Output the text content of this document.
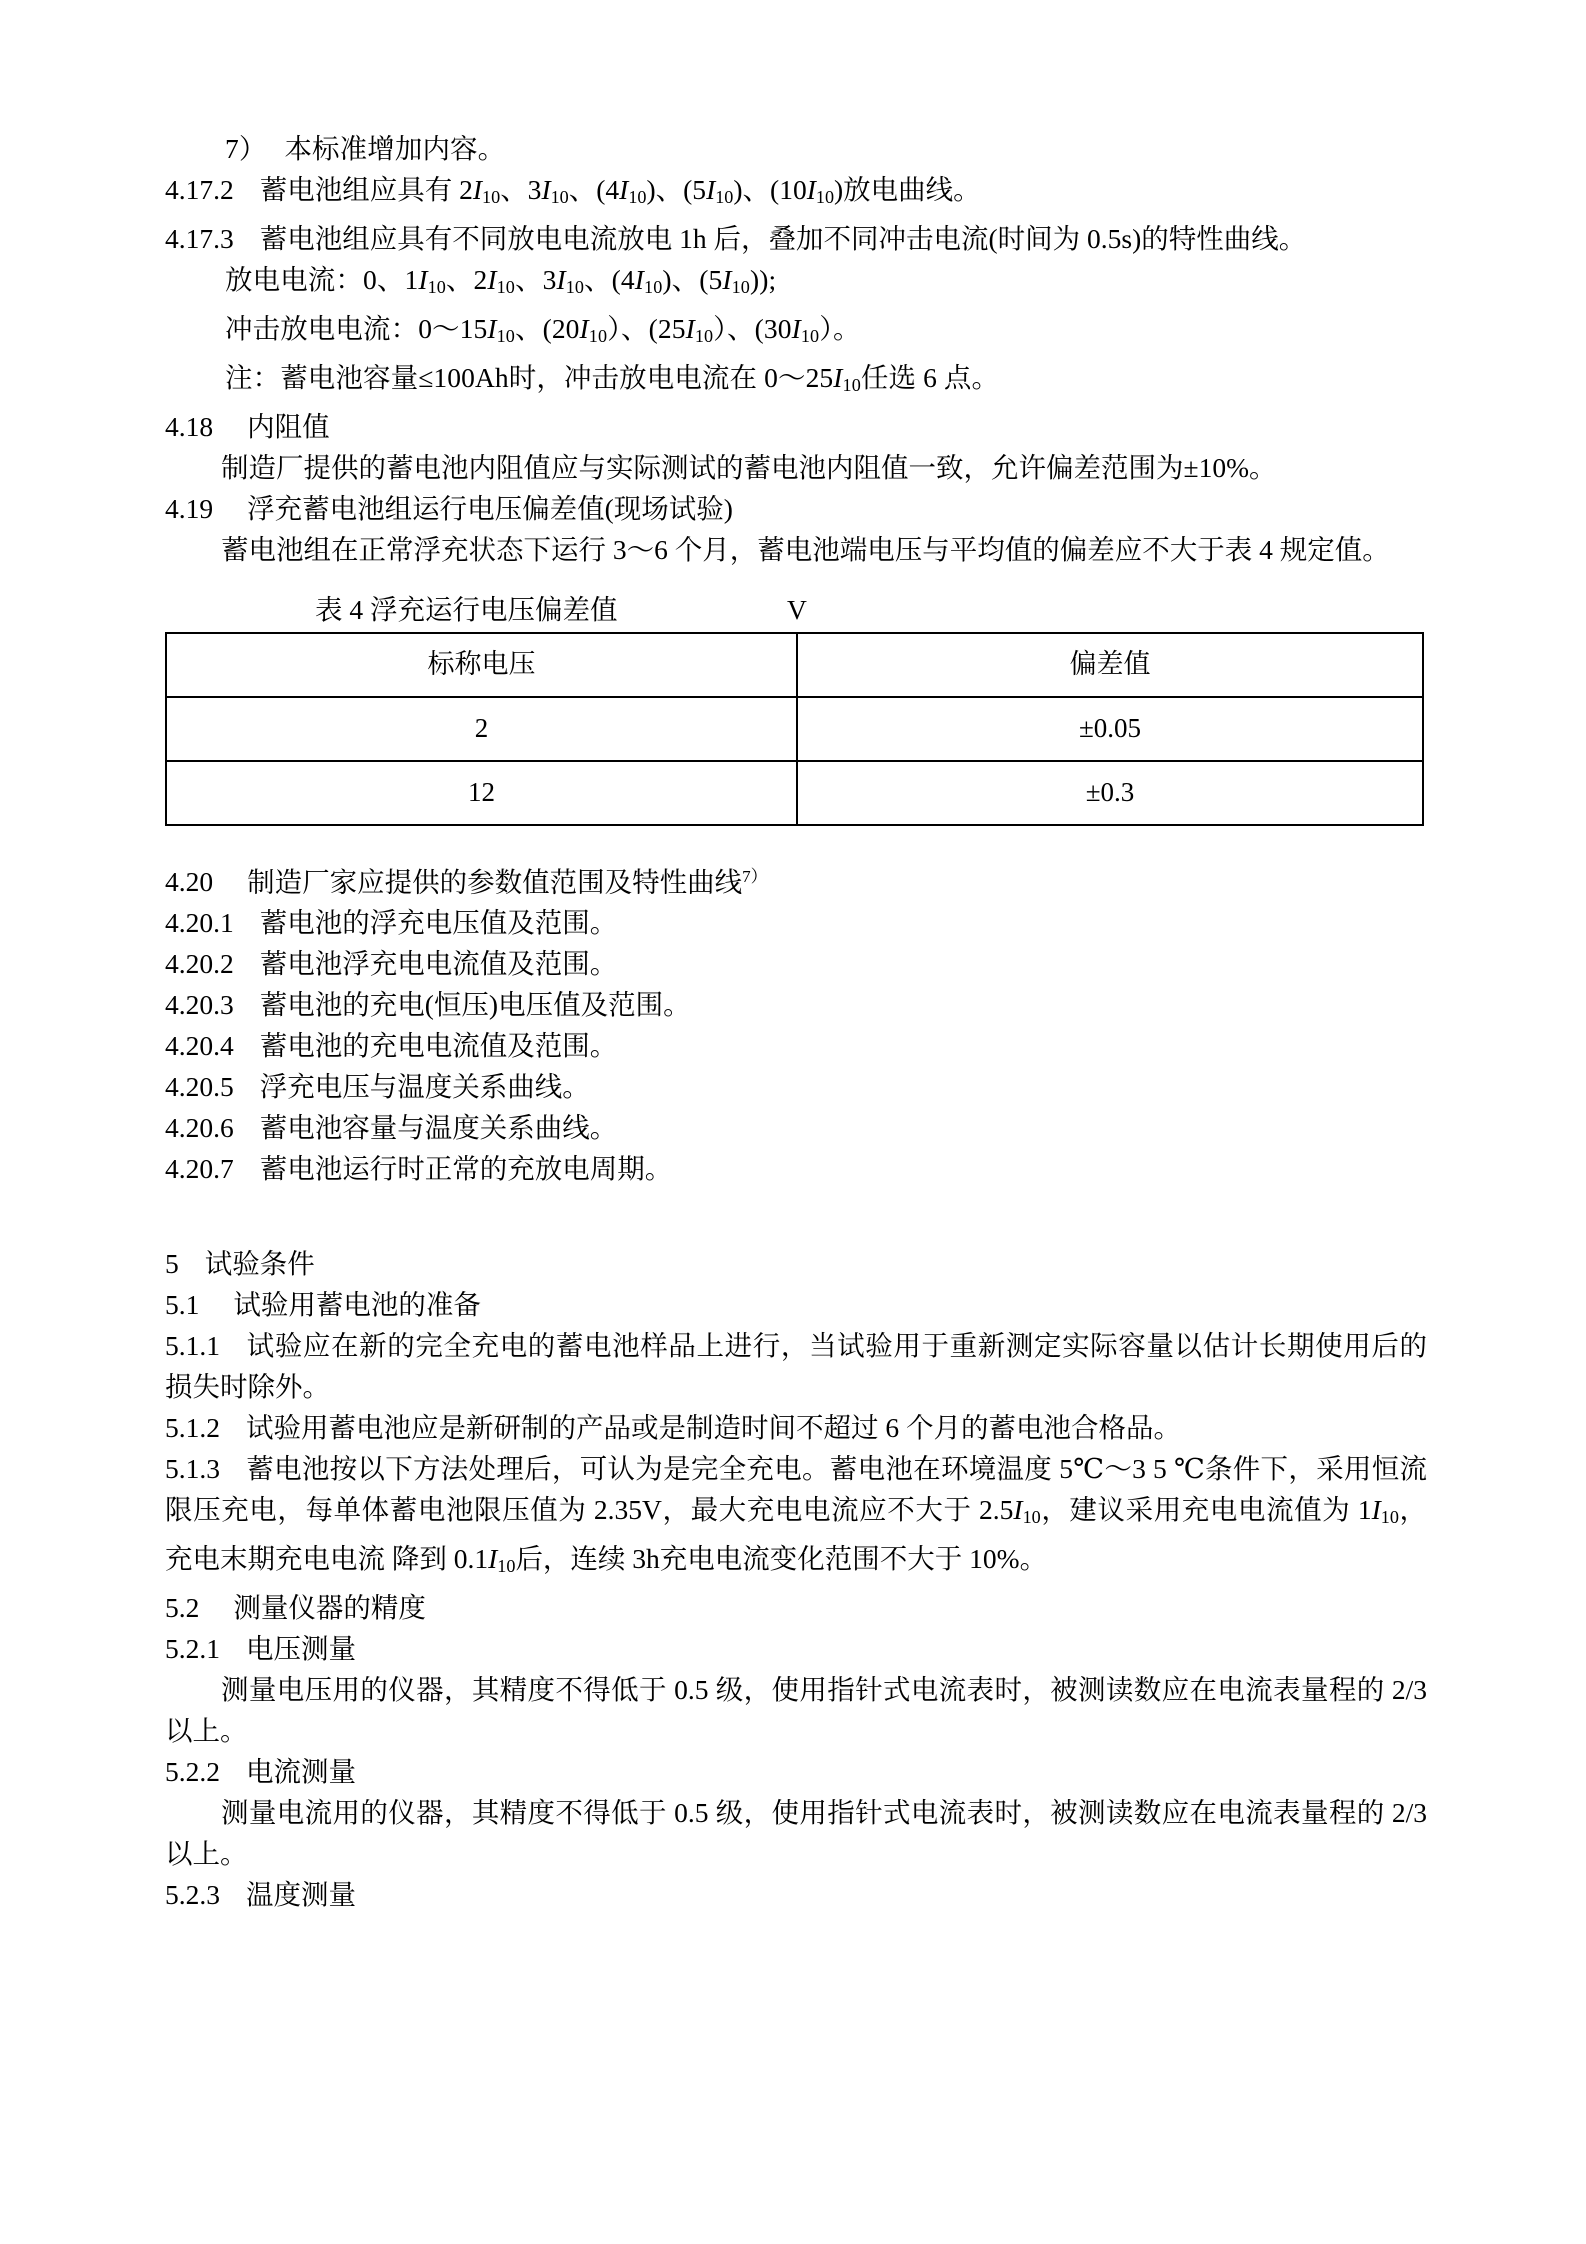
7） 本标准增加内容。

4.17.2 蓄电池组应具有 $2I_{10}$、$3I_{10}$、$(4I_{10})$、$(5I_{10})$、$(10I_{10})$放电曲线。

4.17.3 蓄电池组应具有不同放电电流放电 1h 后，叠加不同冲击电流(时间为 0.5s)的特性曲线。

放电电流：0、$1I_{10}$、$2I_{10}$、$3I_{10}$、$(4I_{10})$、$(5I_{10})$);

冲击放电电流：$0\sim 15I_{10}$、$(20I_{10})$、$(25I_{10})$、$(30I_{10})$。

注：蓄电池容量≤100Ah时，冲击放电电流在 $0\sim 25I_{10}$任选 6 点。

4.18 内阻值

制造厂提供的蓄电池内阻值应与实际测试的蓄电池内阻值一致，允许偏差范围为±10%。

4.19 浮充蓄电池组运行电压偏差值(现场试验)

蓄电池组在正常浮充状态下运行 3～6 个月，蓄电池端电压与平均值的偏差应不大于表 4 规定值。

表 4 浮充运行电压偏差值	V
标称电压	偏差值
2	±0.05
12	±0.3

4.20 制造厂家应提供的参数值范围及特性曲线$^{7)}$

4.20.1 蓄电池的浮充电压值及范围。

4.20.2 蓄电池浮充电电流值及范围。

4.20.3 蓄电池的充电(恒压)电压值及范围。

4.20.4 蓄电池的充电电流值及范围。

4.20.5 浮充电压与温度关系曲线。

4.20.6 蓄电池容量与温度关系曲线。

4.20.7 蓄电池运行时正常的充放电周期。

5 试验条件

5.1 试验用蓄电池的准备

5.1.1 试验应在新的完全充电的蓄电池样品上进行，当试验用于重新测定实际容量以估计长期使用后的损失时除外。

5.1.2 试验用蓄电池应是新研制的产品或是制造时间不超过 6 个月的蓄电池合格品。

5.1.3 蓄电池按以下方法处理后，可认为是完全充电。蓄电池在环境温度 5℃～3 5 ℃条件下，采用恒流限压充电，每单体蓄电池限压值为 2.35V，最大充电电流应不大于 $2.5I_{10}$，建议采用充电电流值为 $1I_{10}$，充电末期充电电流 降到 $0.1I_{10}$后，连续 3h充电电流变化范围不大于 10%。

5.2 测量仪器的精度

5.2.1 电压测量

测量电压用的仪器，其精度不得低于 0.5 级，使用指针式电流表时，被测读数应在电流表量程的 2/3 以上。

5.2.2 电流测量

测量电流用的仪器，其精度不得低于 0.5 级，使用指针式电流表时，被测读数应在电流表量程的 2/3 以上。

5.2.3 温度测量
